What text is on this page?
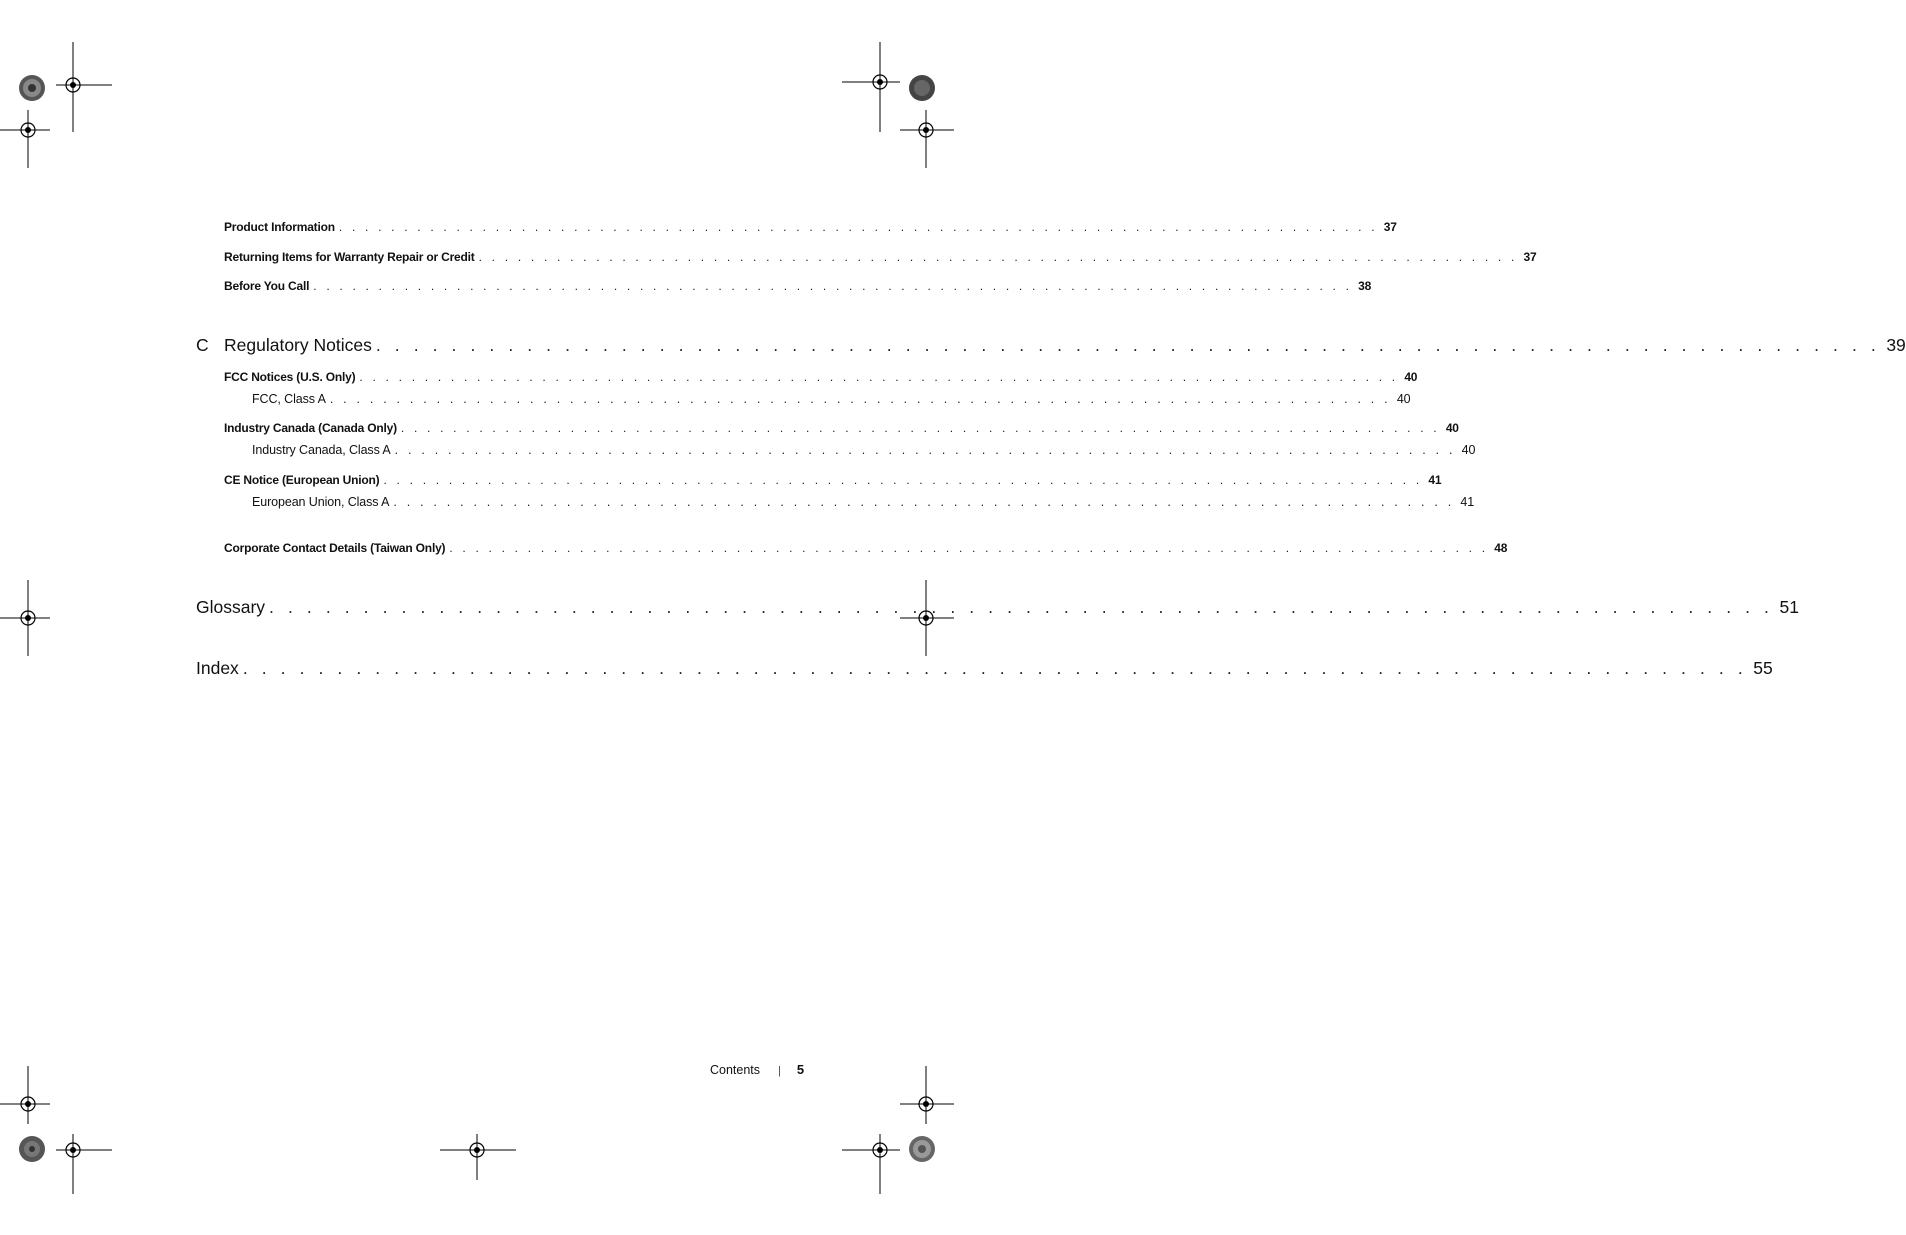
Product Information . . . . . . . . . . . . . . . . . . . . . . . . . . . . . . . . . . . . . . . . . . . . . . . . . . . . . . . . . . . . . . . . . . . . . . . . . . . . . . . . 37
Returning Items for Warranty Repair or Credit . . . . . . . . . . . . . . . . . . . . . . . . . . . . . . . . . . . . . . . . . . . . . . . . . . . . . . . . . . . . . . . . . . . . . . . . . . . . . . . . 37
Before You Call . . . . . . . . . . . . . . . . . . . . . . . . . . . . . . . . . . . . . . . . . . . . . . . . . . . . . . . . . . . . . . . . . . . . . . . . . . . . . . . . 38
C Regulatory Notices . . . . . . . . . . . . . . . . . . . . . . . . . . . . . . . . . . . . . . . . . . . . . . . . . . . . . . . . . . . . . . . . . . . . . . . . . . . . . . . . 39
FCC Notices (U.S. Only) . . . . . . . . . . . . . . . . . . . . . . . . . . . . . . . . . . . . . . . . . . . . . . . . . . . . . . . . . . . . . . . . . . . . . . . . . . . . . . . . 40
FCC, Class A . . . . . . . . . . . . . . . . . . . . . . . . . . . . . . . . . . . . . . . . . . . . . . . . . . . . . . . . . . . . . . . . . . . . . . . . . . . . . . . . 40
Industry Canada (Canada Only) . . . . . . . . . . . . . . . . . . . . . . . . . . . . . . . . . . . . . . . . . . . . . . . . . . . . . . . . . . . . . . . . . . . . . . . . . . . . . . . . 40
Industry Canada, Class A . . . . . . . . . . . . . . . . . . . . . . . . . . . . . . . . . . . . . . . . . . . . . . . . . . . . . . . . . . . . . . . . . . . . . . . . . . . . . . . . 40
CE Notice (European Union) . . . . . . . . . . . . . . . . . . . . . . . . . . . . . . . . . . . . . . . . . . . . . . . . . . . . . . . . . . . . . . . . . . . . . . . . . . . . . . . . 41
European Union, Class A . . . . . . . . . . . . . . . . . . . . . . . . . . . . . . . . . . . . . . . . . . . . . . . . . . . . . . . . . . . . . . . . . . . . . . . . . . . . . . . . 41
Corporate Contact Details (Taiwan Only) . . . . . . . . . . . . . . . . . . . . . . . . . . . . . . . . . . . . . . . . . . . . . . . . . . . . . . . . . . . . . . . . . . . . . . . . . . . . . . . . 48
Glossary . . . . . . . . . . . . . . . . . . . . . . . . . . . . . . . . . . . . . . . . . . . . . . . . . . . . . . . . . . . . . . . . . . . . . . . . . . . . . . . . 51
Index . . . . . . . . . . . . . . . . . . . . . . . . . . . . . . . . . . . . . . . . . . . . . . . . . . . . . . . . . . . . . . . . . . . . . . . . . . . . . . . . 55
Contents | 5
